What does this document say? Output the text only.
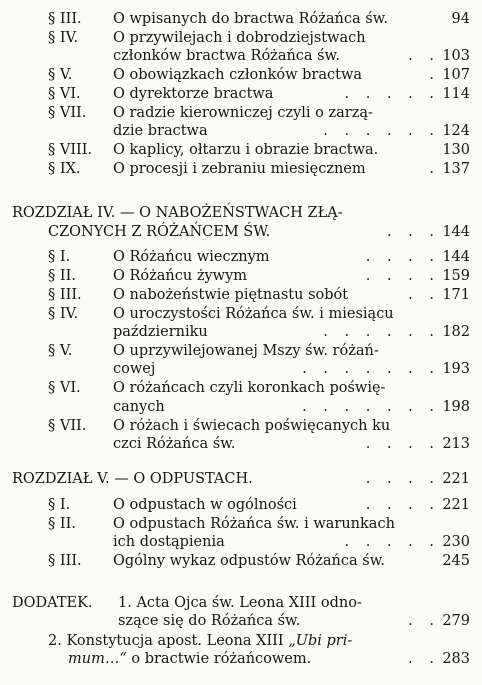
§ III. O wpisanych do bractwa Różańca św.	94
§ IV. O przywilejach i dobrodziejstwach
członków bractwa Różańca św.	. . 103
§ V.	O obowiązkach członków bractwa	. 107
§ VI. O dyrektorze bractwa	. . . . . 114
§ VII. O radzie kierowniczej czyli o zarzą-
dzie bractwa	. . . . . . 124
§ VIII. O kaplicy, ołtarzu i obrazie bractwa.	130
§ IX. O procesji i zebraniu miesięcznem	. 137
ROZDZIAŁ IV. — O NABOŻEŃSTWACH ZŁĄ-
CZONYCH Z RÓŻAŃCEM ŚW.	. . . 144
§ I.	O Różańcu wiecznym	. . . . 144
§ II.	O Różańcu żywym	. . . . 159
§ III. O nabożeństwie piętnastu sobót	. . 171
§ IV. O uroczystości Różańca św. i miesiącu
październiku	. . . . . . 182
§ V.	O uprzywilejowanej Mszy św. różań-
cowej	. . . . . . . 193
§ VI. O różańcach czyli koronkach poświę-
canych	. . . . . . . 198
§ VII. O różach i świecach poświęcanych ku
czci Różańca św.	. . . . 213
ROZDZIAŁ V. — O ODPUSTACH.	. . . . 221
§ I.	O odpustach w ogólności	. . . . 221
§ II.	O odpustach Różańca św. i warunkach
ich dostąpienia	. . . . . 230
§ III. Ogólny wykaz odpustów Różańca św.	245
DODATEK. 1. Acta Ojca św. Leona XIII odno-
szące się do Różańca św.	. . 279
2. Konstytucja apost. Leona XIII „Ubi pri-
mum…“ o bractwie różańcowem.	. . 283
